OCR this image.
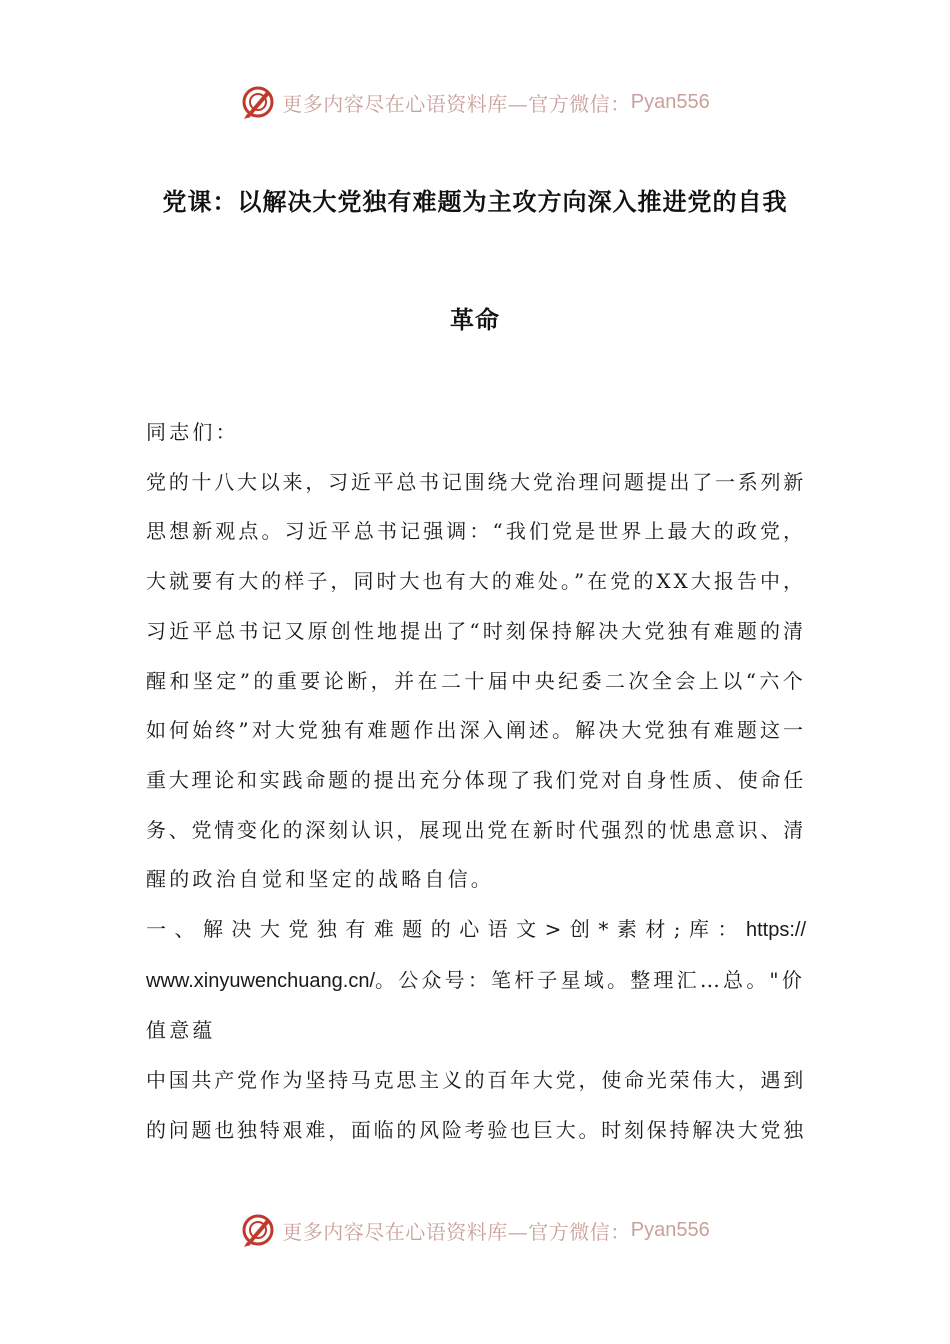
更多内容尽在心语资料库—官方微信： Pyan556
党课：以解决大党独有难题为主攻方向深入推进党的自我
革命
同志们：
党的十八大以来，习近平总书记围绕大党治理问题提出了一系列新
思想新观点。习近平总书记强调：“我们党是世界上最大的政党，
大就要有大的样子，同时大也有大的难处。”在党的XX大报告中，
习近平总书记又原创性地提出了“时刻保持解决大党独有难题的清
醒和坚定”的重要论断，并在二十届中央纪委二次全会上以“六个
如何始终”对大党独有难题作出深入阐述。解决大党独有难题这一
重大理论和实践命题的提出充分体现了我们党对自身性质、使命任
务、党情变化的深刻认识，展现出党在新时代强烈的忧患意识、清
醒的政治自觉和坚定的战略自信。
一、解决大党独有难题的心语文>创*素材;库：https://
www.xinyuwenchuang.cn/。公众号：笔杆子星域。整理汇…总。"价
值意蕴
中国共产党作为坚持马克思主义的百年大党，使命光荣伟大，遇到
的问题也独特艰难，面临的风险考验也巨大。时刻保持解决大党独
更多内容尽在心语资料库—官方微信： Pyan556
